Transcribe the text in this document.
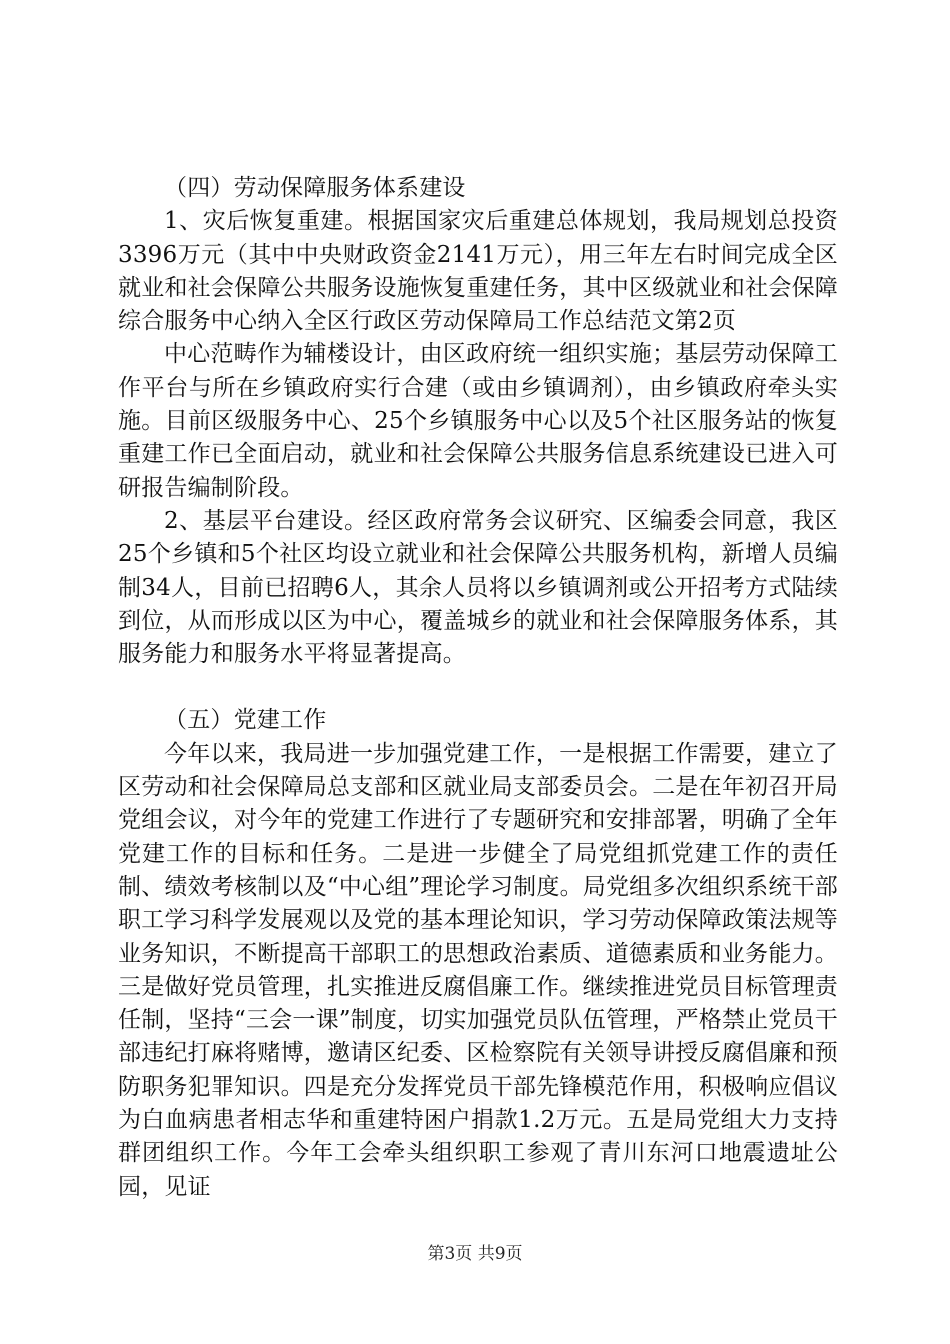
（四）劳动保障服务体系建设

1、灾后恢复重建。根据国家灾后重建总体规划，我局规划总投资3396万元（其中中央财政资金2141万元），用三年左右时间完成全区就业和社会保障公共服务设施恢复重建任务，其中区级就业和社会保障综合服务中心纳入全区行政区劳动保障局工作总结范文第2页

中心范畴作为辅楼设计，由区政府统一组织实施；基层劳动保障工作平台与所在乡镇政府实行合建（或由乡镇调剂），由乡镇政府牵头实施。目前区级服务中心、25个乡镇服务中心以及5个社区服务站的恢复重建工作已全面启动，就业和社会保障公共服务信息系统建设已进入可研报告编制阶段。

2、基层平台建设。经区政府常务会议研究、区编委会同意，我区25个乡镇和5个社区均设立就业和社会保障公共服务机构，新增人员编制34人，目前已招聘6人，其余人员将以乡镇调剂或公开招考方式陆续到位，从而形成以区为中心，覆盖城乡的就业和社会保障服务体系，其服务能力和服务水平将显著提高。

（五）党建工作

今年以来，我局进一步加强党建工作，一是根据工作需要，建立了区劳动和社会保障局总支部和区就业局支部委员会。二是在年初召开局党组会议，对今年的党建工作进行了专题研究和安排部署，明确了全年党建工作的目标和任务。二是进一步健全了局党组抓党建工作的责任制、绩效考核制以及“中心组”理论学习制度。局党组多次组织系统干部职工学习科学发展观以及党的基本理论知识，学习劳动保障政策法规等业务知识，不断提高干部职工的思想政治素质、道德素质和业务能力。三是做好党员管理，扎实推进反腐倡廉工作。继续推进党员目标管理责任制，坚持“三会一课”制度，切实加强党员队伍管理，严格禁止党员干部违纪打麻将赌博，邀请区纪委、区检察院有关领导讲授反腐倡廉和预防职务犯罪知识。四是充分发挥党员干部先锋模范作用，积极响应倡议为白血病患者相志华和重建特困户捐款1.2万元。五是局党组大力支持群团组织工作。今年工会牵头组织职工参观了青川东河口地震遗址公园，见证

第3页 共9页
